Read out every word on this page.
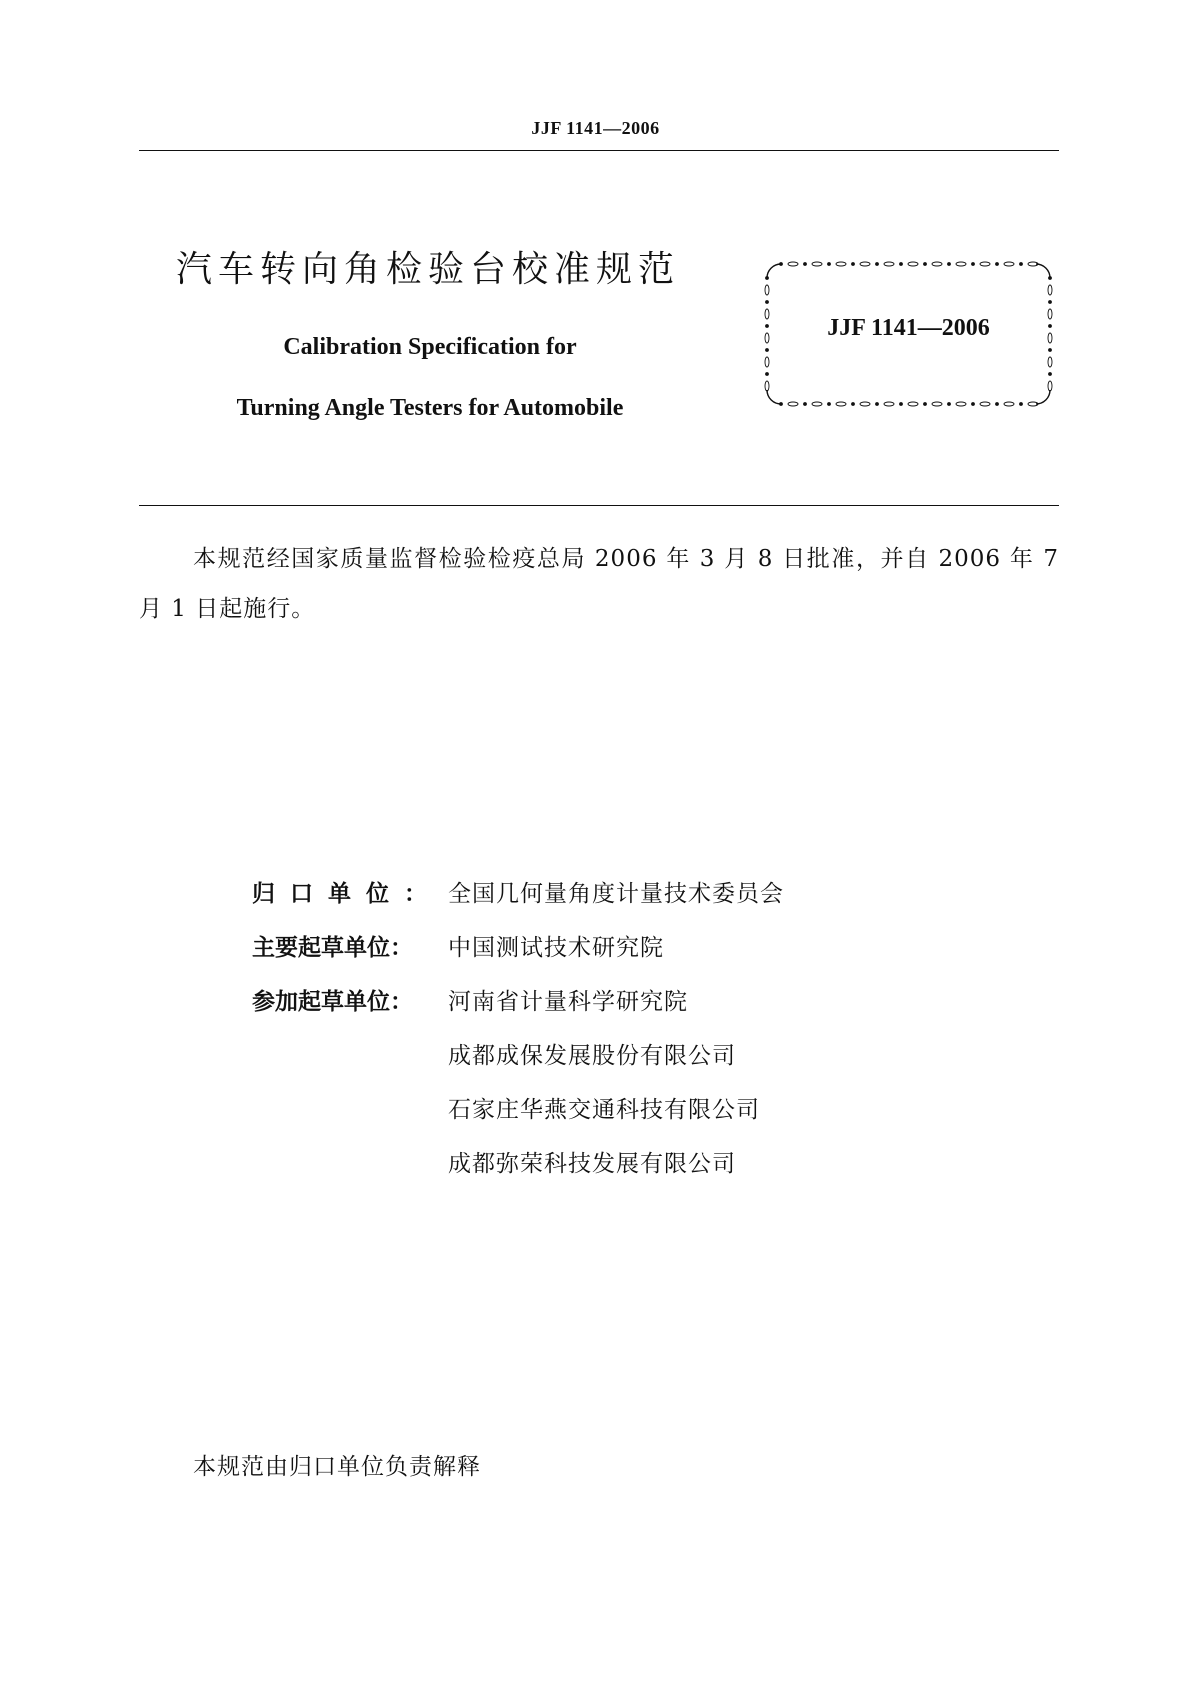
JJF 1141—2006
汽车转向角检验台校准规范
Calibration Specification for
Turning Angle Testers for Automobile
JJF 1141—2006
本规范经国家质量监督检验检疫总局 2006 年 3 月 8 日批准，并自 2006 年 7 月 1 日起施行。
归口单位： 全国几何量角度计量技术委员会
主要起草单位：	中国测试技术研究院
参加起草单位：	河南省计量科学研究院
成都成保发展股份有限公司
石家庄华燕交通科技有限公司
成都弥荣科技发展有限公司
本规范由归口单位负责解释
